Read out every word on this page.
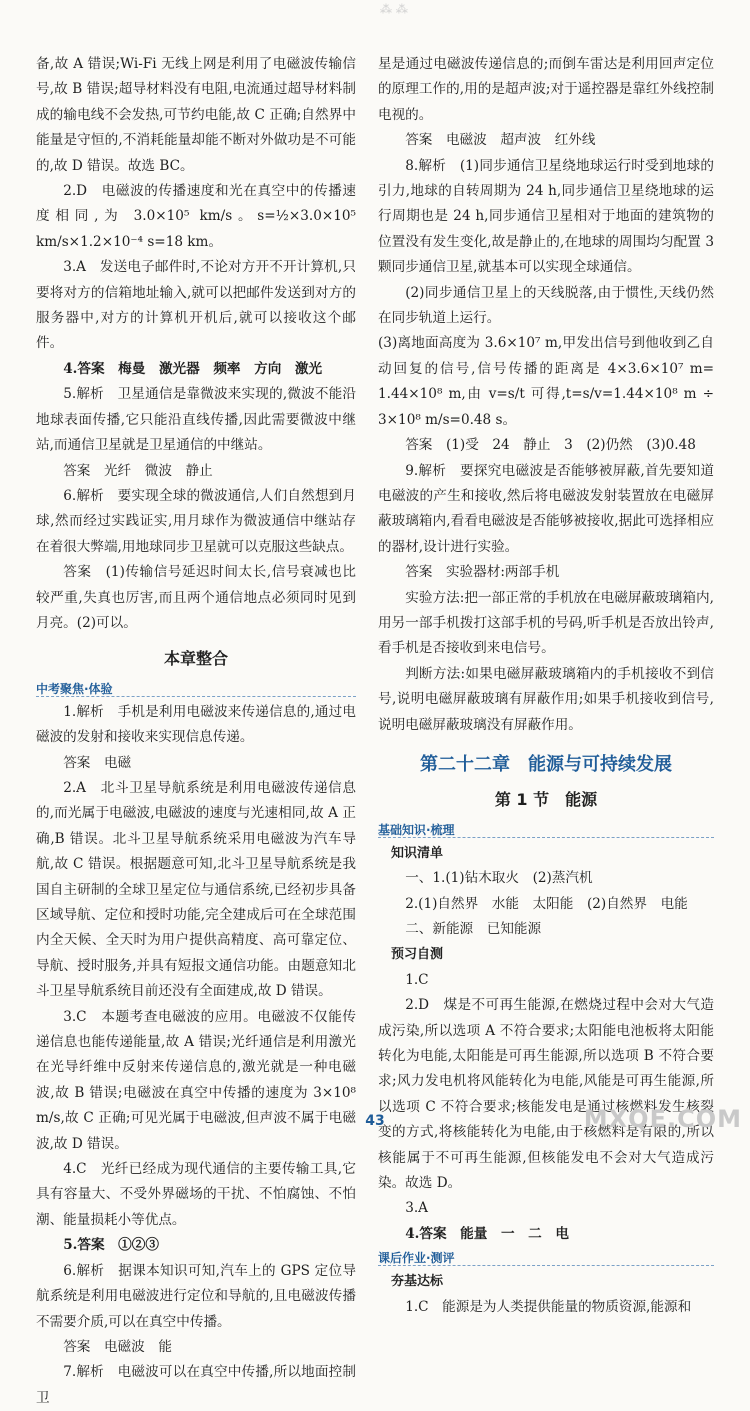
⁂ ⁂

备,故 A 错误;Wi-Fi 无线上网是利用了电磁波传输信号,故 B 错误;超导材料没有电阻,电流通过超导材料制成的输电线不会发热,可节约电能,故 C 正确;自然界中能量是守恒的,不消耗能量却能不断对外做功是不可能的,故 D 错误。故选 BC。

2.D　电磁波的传播速度和光在真空中的传播速度相同,为 3.0×10⁵ km/s。s=½×3.0×10⁵ km/s×1.2×10⁻⁴ s=18 km。

3.A　发送电子邮件时,不论对方开不开计算机,只要将对方的信箱地址输入,就可以把邮件发送到对方的服务器中,对方的计算机开机后,就可以接收这个邮件。

4.答案　梅曼　激光器　频率　方向　激光

5.解析　卫星通信是靠微波来实现的,微波不能沿地球表面传播,它只能沿直线传播,因此需要微波中继站,而通信卫星就是卫星通信的中继站。

答案　光纤　微波　静止

6.解析　要实现全球的微波通信,人们自然想到月球,然而经过实践证实,用月球作为微波通信中继站存在着很大弊端,用地球同步卫星就可以克服这些缺点。

答案　(1)传输信号延迟时间太长,信号衰减也比较严重,失真也厉害,而且两个通信地点必须同时见到月亮。(2)可以。

本章整合

中考聚焦·体验

1.解析　手机是利用电磁波来传递信息的,通过电磁波的发射和接收来实现信息传递。

答案　电磁

2.A　北斗卫星导航系统是利用电磁波传递信息的,而光属于电磁波,电磁波的速度与光速相同,故 A 正确,B 错误。北斗卫星导航系统采用电磁波为汽车导航,故 C 错误。根据题意可知,北斗卫星导航系统是我国自主研制的全球卫星定位与通信系统,已经初步具备区域导航、定位和授时功能,完全建成后可在全球范围内全天候、全天时为用户提供高精度、高可靠定位、导航、授时服务,并具有短报文通信功能。由题意知北斗卫星导航系统目前还没有全面建成,故 D 错误。

3.C　本题考查电磁波的应用。电磁波不仅能传递信息也能传递能量,故 A 错误;光纤通信是利用激光在光导纤维中反射来传递信息的,激光就是一种电磁波,故 B 错误;电磁波在真空中传播的速度为 3×10⁸ m/s,故 C 正确;可见光属于电磁波,但声波不属于电磁波,故 D 错误。

4.C　光纤已经成为现代通信的主要传输工具,它具有容量大、不受外界磁场的干扰、不怕腐蚀、不怕潮、能量损耗小等优点。

5.答案　①②③

6.解析　据课本知识可知,汽车上的 GPS 定位导航系统是利用电磁波进行定位和导航的,且电磁波传播不需要介质,可以在真空中传播。

答案　电磁波　能

7.解析　电磁波可以在真空中传播,所以地面控制卫

星是通过电磁波传递信息的;而倒车雷达是利用回声定位的原理工作的,用的是超声波;对于遥控器是靠红外线控制电视的。

答案　电磁波　超声波　红外线

8.解析　(1)同步通信卫星绕地球运行时受到地球的引力,地球的自转周期为 24 h,同步通信卫星绕地球的运行周期也是 24 h,同步通信卫星相对于地面的建筑物的位置没有发生变化,故是静止的,在地球的周围均匀配置 3 颗同步通信卫星,就基本可以实现全球通信。

(2)同步通信卫星上的天线脱落,由于惯性,天线仍然在同步轨道上运行。

(3)离地面高度为 3.6×10⁷ m,甲发出信号到他收到乙自动回复的信号,信号传播的距离是 4×3.6×10⁷ m= 1.44×10⁸ m,由 v=s/t 可得,t=s/v=1.44×10⁸ m ÷ 3×10⁸ m/s=0.48 s。

答案　(1)受　24　静止　3　(2)仍然　(3)0.48

9.解析　要探究电磁波是否能够被屏蔽,首先要知道电磁波的产生和接收,然后将电磁波发射装置放在电磁屏蔽玻璃箱内,看看电磁波是否能够被接收,据此可选择相应的器材,设计进行实验。

答案　实验器材:两部手机

实验方法:把一部正常的手机放在电磁屏蔽玻璃箱内,用另一部手机拨打这部手机的号码,听手机是否放出铃声,看手机是否接收到来电信号。

判断方法:如果电磁屏蔽玻璃箱内的手机接收不到信号,说明电磁屏蔽玻璃有屏蔽作用;如果手机接收到信号,说明电磁屏蔽玻璃没有屏蔽作用。

第二十二章　能源与可持续发展

第 1 节　能源

基础知识·梳理

知识清单

一、1.(1)钻木取火　(2)蒸汽机

2.(1)自然界　水能　太阳能　(2)自然界　电能

二、新能源　已知能源

预习自测

1.C

2.D　煤是不可再生能源,在燃烧过程中会对大气造成污染,所以选项 A 不符合要求;太阳能电池板将太阳能转化为电能,太阳能是可再生能源,所以选项 B 不符合要求;风力发电机将风能转化为电能,风能是可再生能源,所以选项 C 不符合要求;核能发电是通过核燃料发生核裂变的方式,将核能转化为电能,由于核燃料是有限的,所以核能属于不可再生能源,但核能发电不会对大气造成污染。故选 D。

3.A

4.答案　能量　一　二　电

课后作业·测评

夯基达标

1.C　能源是为人类提供能量的物质资源,能源和

43	MXQE.COM
